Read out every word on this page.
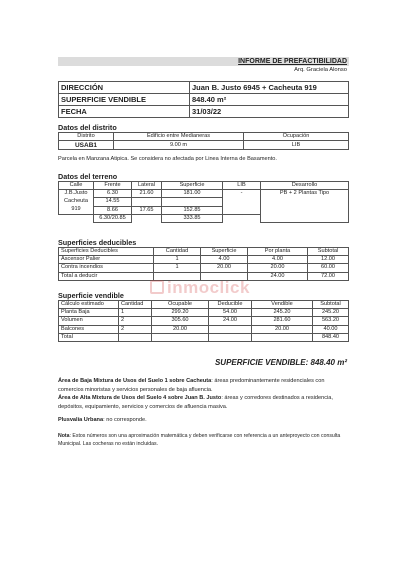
INFORME DE PREFACTIBILIDAD
Arq. Graciela Alonso
DIRECCIÓN	Juan B. Justo 6945 + Cacheuta 919
SUPERFICIE VENDIBLE	848.40 m²
FECHA	31/03/22
Datos del distrito
Distrito	Edificio entre Medianeras	Ocupación
USAB1	9.00 m	LIB
Parcela en Manzana Atipica. Se considera no afectada por Linea Interna de Basamento.
Datos del terreno
Calle	Frente	Lateral	Superficie	LIB	Desarrollo
J.B.Justo	6.30	21.60	181.00	-	PB + 2 Plantas Tipo
Cacheuta	14.55				
919	8.66	17.65	152.85		
	6.30/20.85		333.85		
Superficies deducibles
Superficies Deducibles	Cantidad	Superficie	Por planta	Subtotal
Ascensor Palier	1	4.00	4.00	12.00
Contra incendios	1	20.00	20.00	60.00
Total a deducir			24.00	72.00
Superficie vendible
Cálculo estimado	Cantidad	Ocupable	Deducible	Vendible	Subtotal
Planta Baja	1	299.20	54.00	245.20	245.20
Volumen	2	305.60	24.00	281.60	563.20
Balcones	2	20.00		20.00	40.00
Total					848.40
inmoclick
SUPERFICIE VENDIBLE: 848.40 m²
Área de Baja Mixtura de Usos del Suelo 1 sobre Cacheuta: áreas predominantemente residenciales con comercios minoristas y servicios personales de baja afluencia.
Área de Alta Mixtura de Usos del Suelo 4 sobre Juan B. Justo: áreas y corredores destinados a residencia, depósitos, equipamiento, servicios y comercios de afluencia masiva.
Plusvalía Urbana: no corresponde.
Nota: Estos números son una aproximación matemática y deben verificarse con referencia a un anteproyecto con consulta Municipal. Las cocheras no están incluidas.
